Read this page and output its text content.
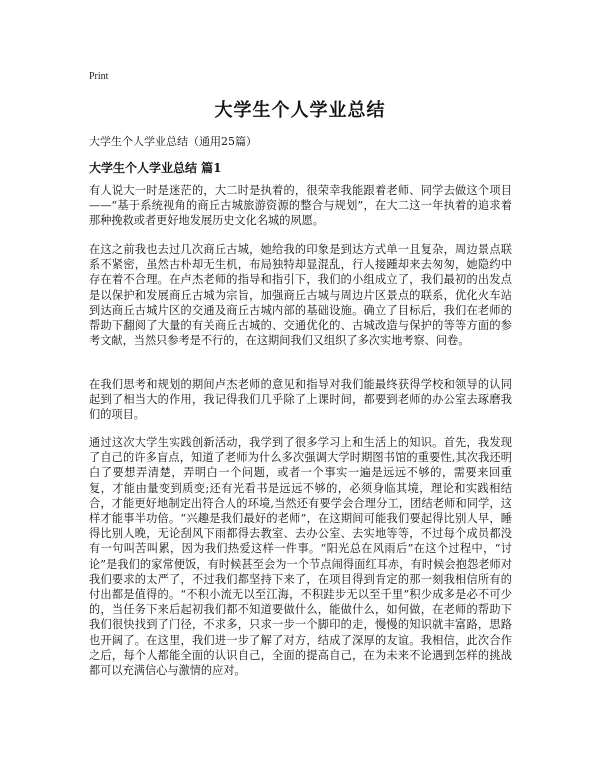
Print
大学生个人学业总结
大学生个人学业总结（通用25篇）
大学生个人学业总结 篇1

有人说大一时是迷茫的，大二时是执着的，很荣幸我能跟着老师、同学去做这个项目——“基于系统视角的商丘古城旅游资源的整合与规划”，在大二这一年执着的追求着那种挽救或者更好地发展历史文化名城的夙愿。

在这之前我也去过几次商丘古城，她给我的印象是到达方式单一且复杂，周边景点联系不紧密，虽然古朴却无生机，布局独特却显混乱，行人接踵却来去匆匆，她隐约中存在着不合理。在卢杰老师的指导和指引下，我们的小组成立了，我们最初的出发点是以保护和发展商丘古城为宗旨，加强商丘古城与周边片区景点的联系，优化火车站到达商丘古城片区的交通及商丘古城内部的基础设施。确立了目标后，我们在老师的帮助下翻阅了大量的有关商丘古城的、交通优化的、古城改造与保护的等等方面的参考文献，当然只参考是不行的，在这期间我们又组织了多次实地考察、问卷。

在我们思考和规划的期间卢杰老师的意见和指导对我们能最终获得学校和领导的认同起到了相当大的作用，我记得我们几乎除了上课时间，都要到老师的办公室去琢磨我们的项目。

通过这次大学生实践创新活动，我学到了很多学习上和生活上的知识。首先，我发现了自己的许多盲点，知道了老师为什么多次强调大学时期图书馆的重要性,其次我还明白了要想弄清楚，弄明白一个问题，或者一个事实一遍是远远不够的，需要来回重复，才能由量变到质变;还有光看书是远远不够的，必须身临其境，理论和实践相结合，才能更好地制定出符合人的环境,当然还有要学会合理分工，团结老师和同学，这样才能事半功倍。“兴趣是我们最好的老师”，在这期间可能我们要起得比别人早，睡得比别人晚，无论刮风下雨都得去教室、去办公室、去实地等等，不过每个成员都没有一句叫苦叫累，因为我们热爱这样一件事。“阳光总在风雨后”在这个过程中，“讨论”是我们的家常便饭，有时候甚至会为一个节点闹得面红耳赤，有时候会抱怨老师对我们要求的太严了，不过我们都坚持下来了，在项目得到肯定的那一刻我相信所有的付出都是值得的。“不积小流无以至江海，不积跬步无以至千里”积少成多是必不可少的，当任务下来后起初我们都不知道要做什么，能做什么，如何做，在老师的帮助下我们很快找到了门径，不求多，只求一步一个脚印的走，慢慢的知识就丰富路，思路也开阔了。在这里，我们进一步了解了对方，结成了深厚的友谊。我相信，此次合作之后，每个人都能全面的认识自己，全面的提高自己，在为未来不论遇到怎样的挑战都可以充满信心与激情的应对。
